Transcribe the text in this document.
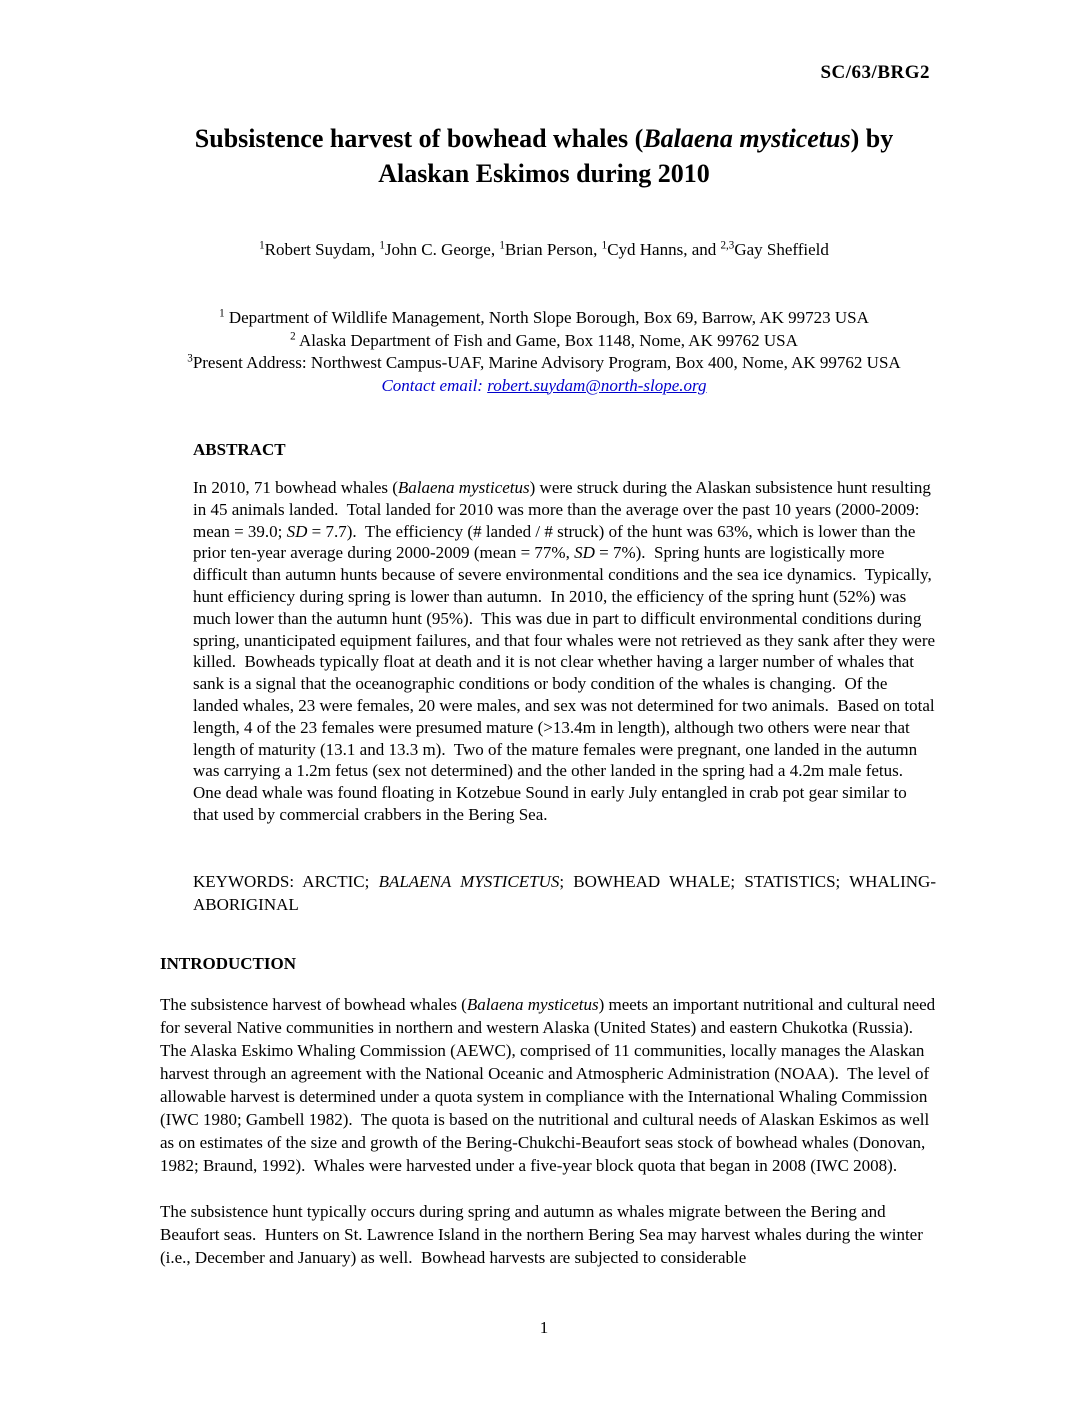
SC/63/BRG2
Subsistence harvest of bowhead whales (Balaena mysticetus) by
Alaskan Eskimos during 2010
$^1$Robert Suydam, $^1$John C. George, $^1$Brian Person, $^1$Cyd Hanns, and $^{2,3}$Gay Sheffield
$^1$ Department of Wildlife Management, North Slope Borough, Box 69, Barrow, AK 99723 USA
$^2$ Alaska Department of Fish and Game, Box 1148, Nome, AK 99762 USA
$^3$Present Address: Northwest Campus-UAF, Marine Advisory Program, Box 400, Nome, AK 99762 USA
Contact email: robert.suydam@north-slope.org
ABSTRACT
In 2010, 71 bowhead whales (Balaena mysticetus) were struck during the Alaskan subsistence hunt resulting in 45 animals landed.  Total landed for 2010 was more than the average over the past 10 years (2000-2009: mean = 39.0; SD = 7.7).  The efficiency (# landed / # struck) of the hunt was 63%, which is lower than the prior ten-year average during 2000-2009 (mean = 77%, SD = 7%).  Spring hunts are logistically more difficult than autumn hunts because of severe environmental conditions and the sea ice dynamics.  Typically, hunt efficiency during spring is lower than autumn.  In 2010, the efficiency of the spring hunt (52%) was much lower than the autumn hunt (95%).  This was due in part to difficult environmental conditions during spring, unanticipated equipment failures, and that four whales were not retrieved as they sank after they were killed.  Bowheads typically float at death and it is not clear whether having a larger number of whales that sank is a signal that the oceanographic conditions or body condition of the whales is changing.  Of the landed whales, 23 were females, 20 were males, and sex was not determined for two animals.  Based on total length, 4 of the 23 females were presumed mature (>13.4m in length), although two others were near that length of maturity (13.1 and 13.3 m).  Two of the mature females were pregnant, one landed in the autumn was carrying a 1.2m fetus (sex not determined) and the other landed in the spring had a 4.2m male fetus.  One dead whale was found floating in Kotzebue Sound in early July entangled in crab pot gear similar to that used by commercial crabbers in the Bering Sea.
KEYWORDS: ARCTIC; BALAENA MYSTICETUS; BOWHEAD WHALE; STATISTICS; WHALING-ABORIGINAL
INTRODUCTION
The subsistence harvest of bowhead whales (Balaena mysticetus) meets an important nutritional and cultural need for several Native communities in northern and western Alaska (United States) and eastern Chukotka (Russia).  The Alaska Eskimo Whaling Commission (AEWC), comprised of 11 communities, locally manages the Alaskan harvest through an agreement with the National Oceanic and Atmospheric Administration (NOAA).  The level of allowable harvest is determined under a quota system in compliance with the International Whaling Commission (IWC 1980; Gambell 1982).  The quota is based on the nutritional and cultural needs of Alaskan Eskimos as well as on estimates of the size and growth of the Bering-Chukchi-Beaufort seas stock of bowhead whales (Donovan, 1982; Braund, 1992).  Whales were harvested under a five-year block quota that began in 2008 (IWC 2008).
The subsistence hunt typically occurs during spring and autumn as whales migrate between the Bering and Beaufort seas.  Hunters on St. Lawrence Island in the northern Bering Sea may harvest whales during the winter (i.e., December and January) as well.  Bowhead harvests are subjected to considerable
1
